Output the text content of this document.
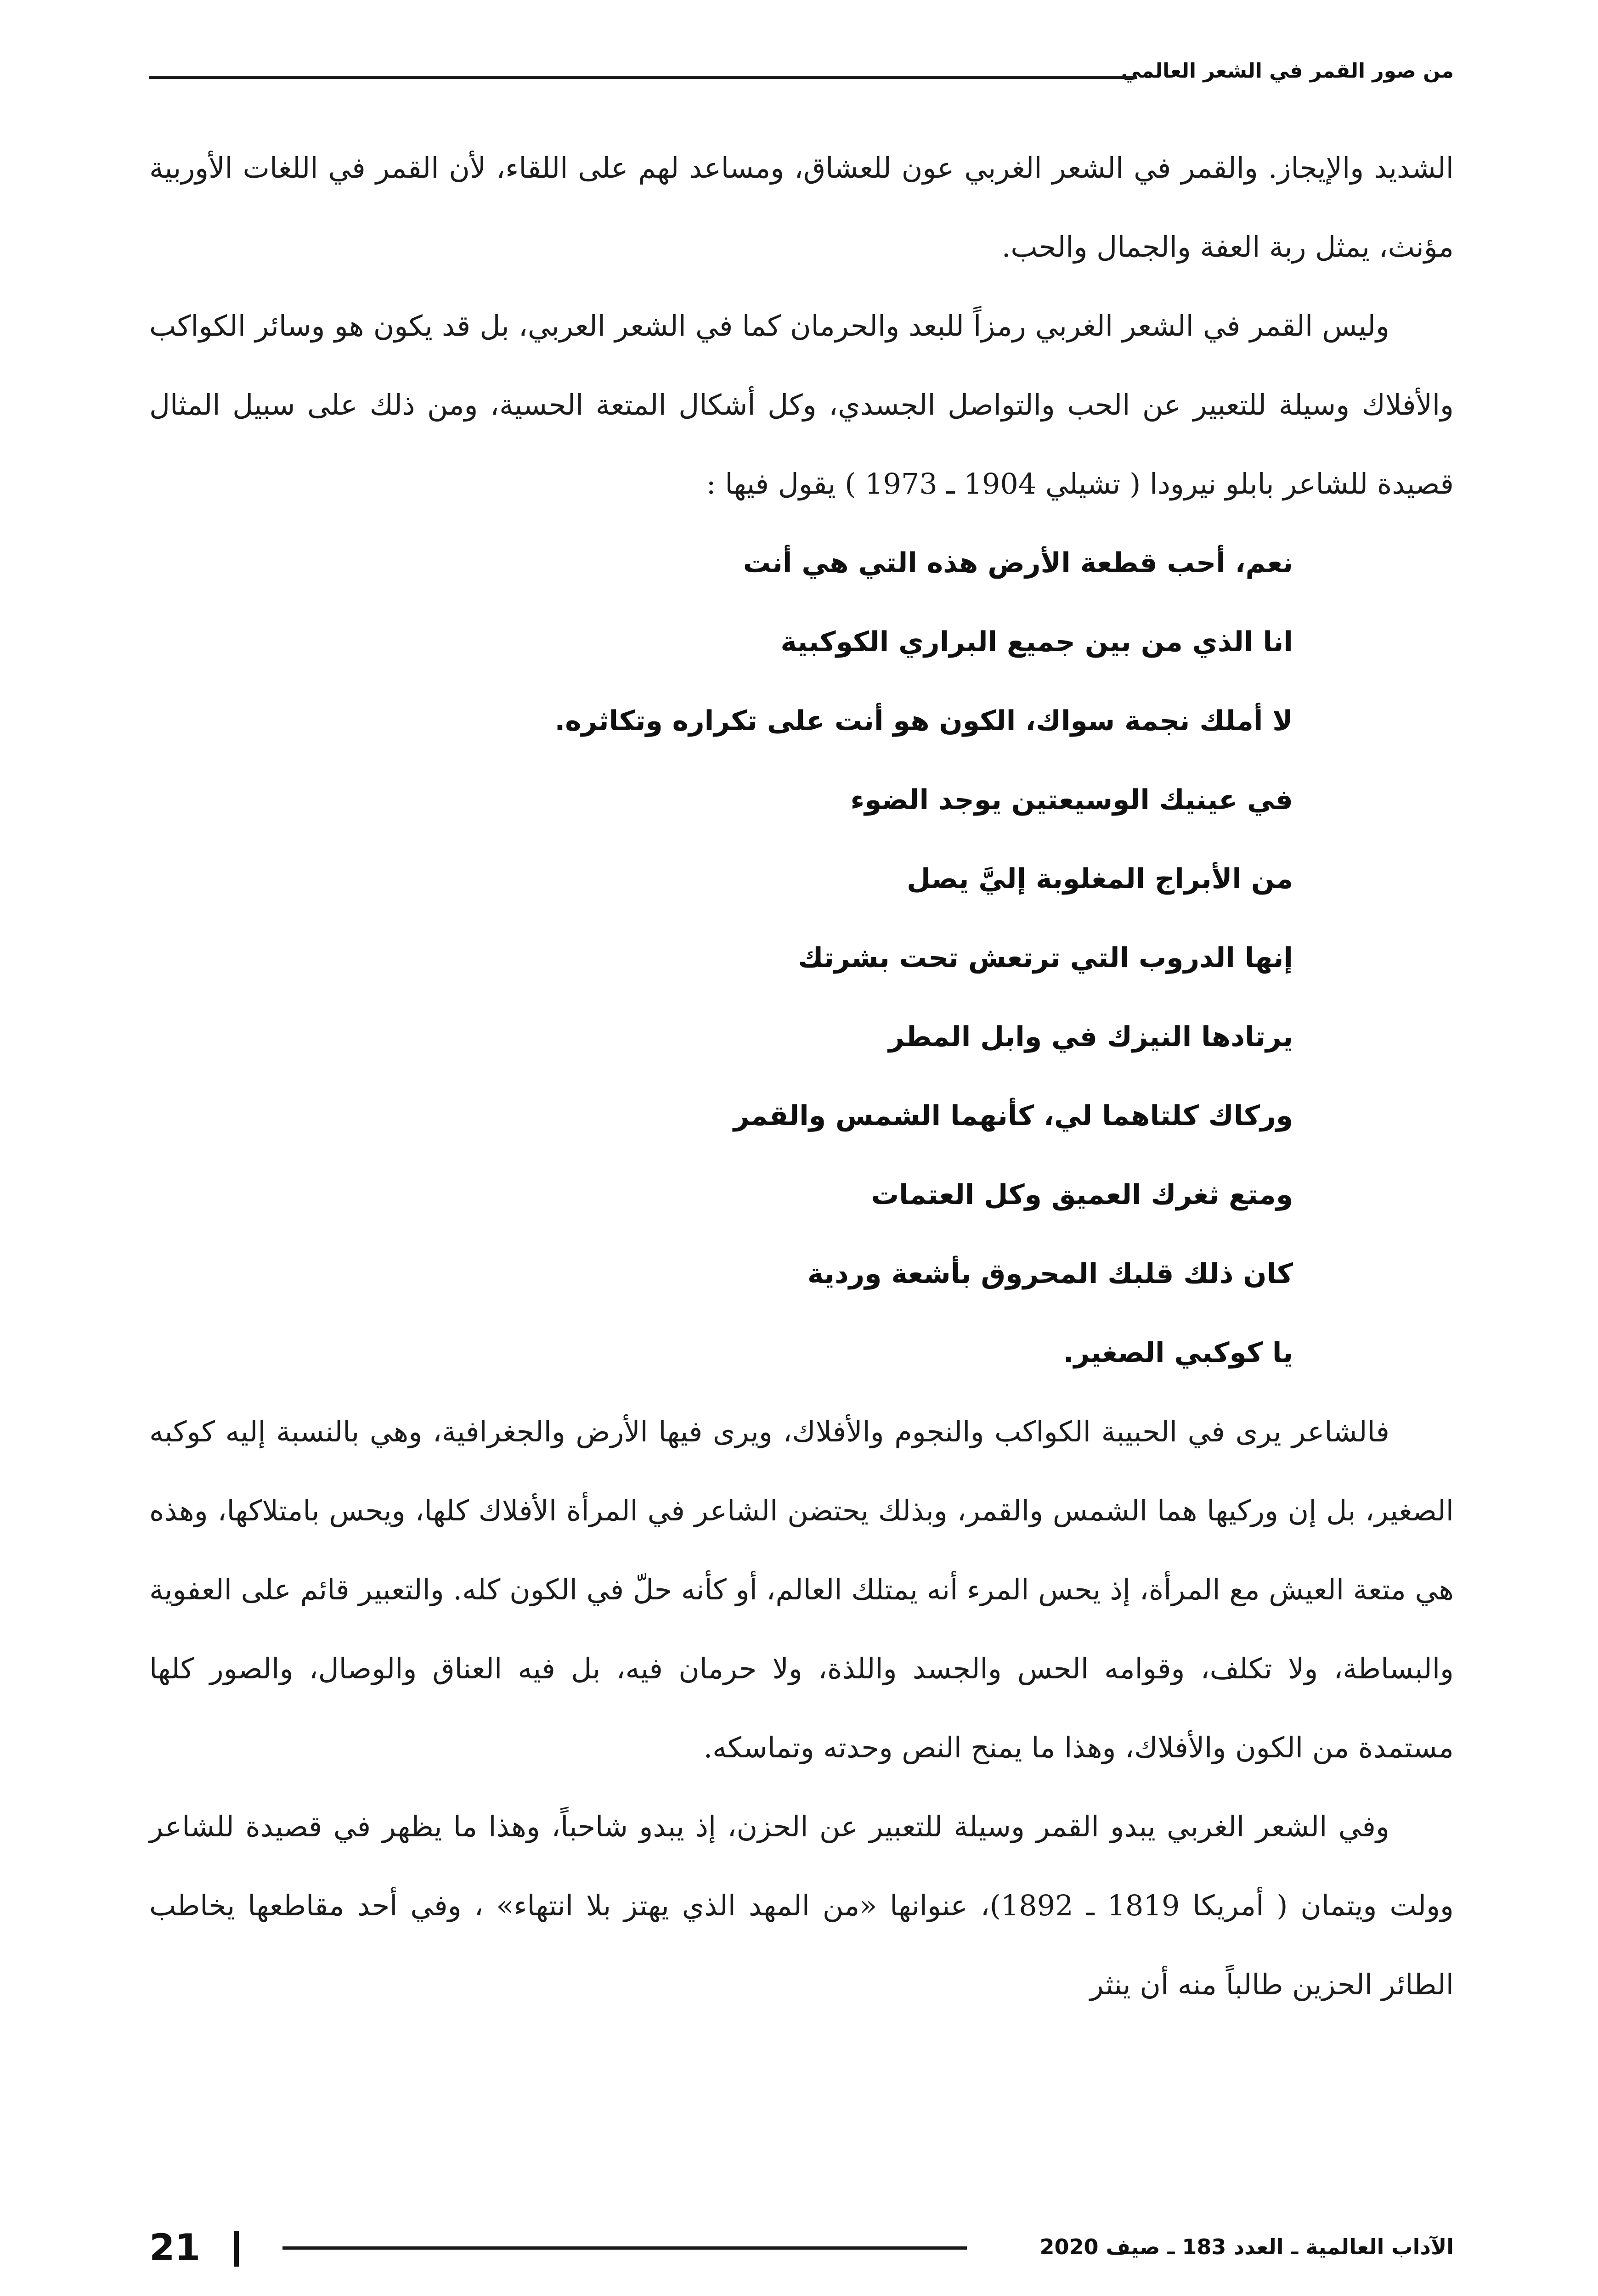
من صور القمر في الشعر العالمي

الشديد والإيجاز. والقمر في الشعر الغربي عون للعشاق، ومساعد لهم على اللقاء، لأن القمر في اللغات الأوربية مؤنث، يمثل ربة العفة والجمال والحب.

وليس القمر في الشعر الغربي رمزاً للبعد والحرمان كما في الشعر العربي، بل قد يكون هو وسائر الكواكب والأفلاك وسيلة للتعبير عن الحب والتواصل الجسدي، وكل أشكال المتعة الحسية، ومن ذلك على سبيل المثال قصيدة للشاعر بابلو نيرودا ( تشيلي 1904 ـ 1973 ) يقول فيها :

نعم، أحب قطعة الأرض هذه التي هي أنت
انا الذي من بين جميع البراري الكوكبية
لا أملك نجمة سواك، الكون هو أنت على تكراره وتكاثره.
في عينيك الوسيعتين يوجد الضوء
من الأبراج المغلوبة إليَّ يصل
إنها الدروب التي ترتعش تحت بشرتك
يرتادها النيزك في وابل المطر
وركاك كلتاهما لي، كأنهما الشمس والقمر
ومتع ثغرك العميق وكل العتمات
كان ذلك قلبك المحروق بأشعة وردية
يا كوكبي الصغير.

فالشاعر يرى في الحبيبة الكواكب والنجوم والأفلاك، ويرى فيها الأرض والجغرافية، وهي بالنسبة إليه كوكبه الصغير، بل إن وركيها هما الشمس والقمر، وبذلك يحتضن الشاعر في المرأة الأفلاك كلها، ويحس بامتلاكها، وهذه هي متعة العيش مع المرأة، إذ يحس المرء أنه يمتلك العالم، أو كأنه حلّ في الكون كله. والتعبير قائم على العفوية والبساطة، ولا تكلف، وقوامه الحس والجسد واللذة، ولا حرمان فيه، بل فيه العناق والوصال، والصور كلها مستمدة من الكون والأفلاك، وهذا ما يمنح النص وحدته وتماسكه.

وفي الشعر الغربي يبدو القمر وسيلة للتعبير عن الحزن، إذ يبدو شاحباً، وهذا ما يظهر في قصيدة للشاعر وولت ويتمان ( أمريكا 1819 ـ 1892)، عنوانها «من المهد الذي يهتز بلا انتهاء» ، وفي أحد مقاطعها يخاطب الطائر الحزين طالباً منه أن ينثر

21	الآداب العالمية ـ العدد 183 ـ صيف 2020
